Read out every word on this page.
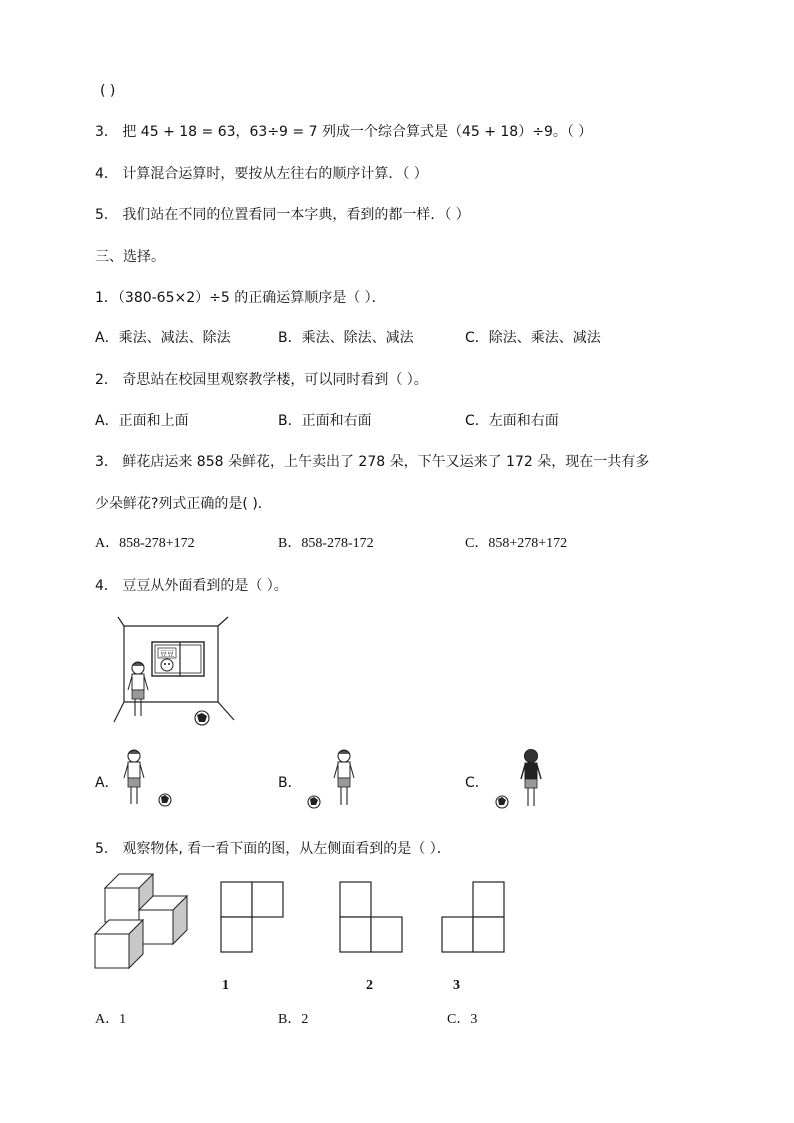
( )
3． 把 45 + 18 = 63，63÷9 = 7 列成一个综合算式是（45 + 18）÷9。（ ）
4． 计算混合运算时，要按从左往右的顺序计算．（ ）
5． 我们站在不同的位置看同一本字典，看到的都一样．（ ）
三、选择。
1．（380-65×2）÷5 的正确运算顺序是（ ）．
A．乘法、减法、除法	B．乘法、除法、减法	C．除法、乘法、减法
2． 奇思站在校园里观察教学楼，可以同时看到（ ）。
A．正面和上面	B．正面和右面	C．左面和右面
3． 鲜花店运来 858 朵鲜花，上午卖出了 278 朵，下午又运来了 172 朵，现在一共有多
少朵鲜花?列式正确的是( )．
A．858-278+172	B．858-278-172	C．858+278+172
4． 豆豆从外面看到的是（ ）。
豆豆
A．	B．	C．
5． 观察物体, 看一看下面的图，从左侧面看到的是（ ）．
1	2	3
A．1	B．2	C．3
